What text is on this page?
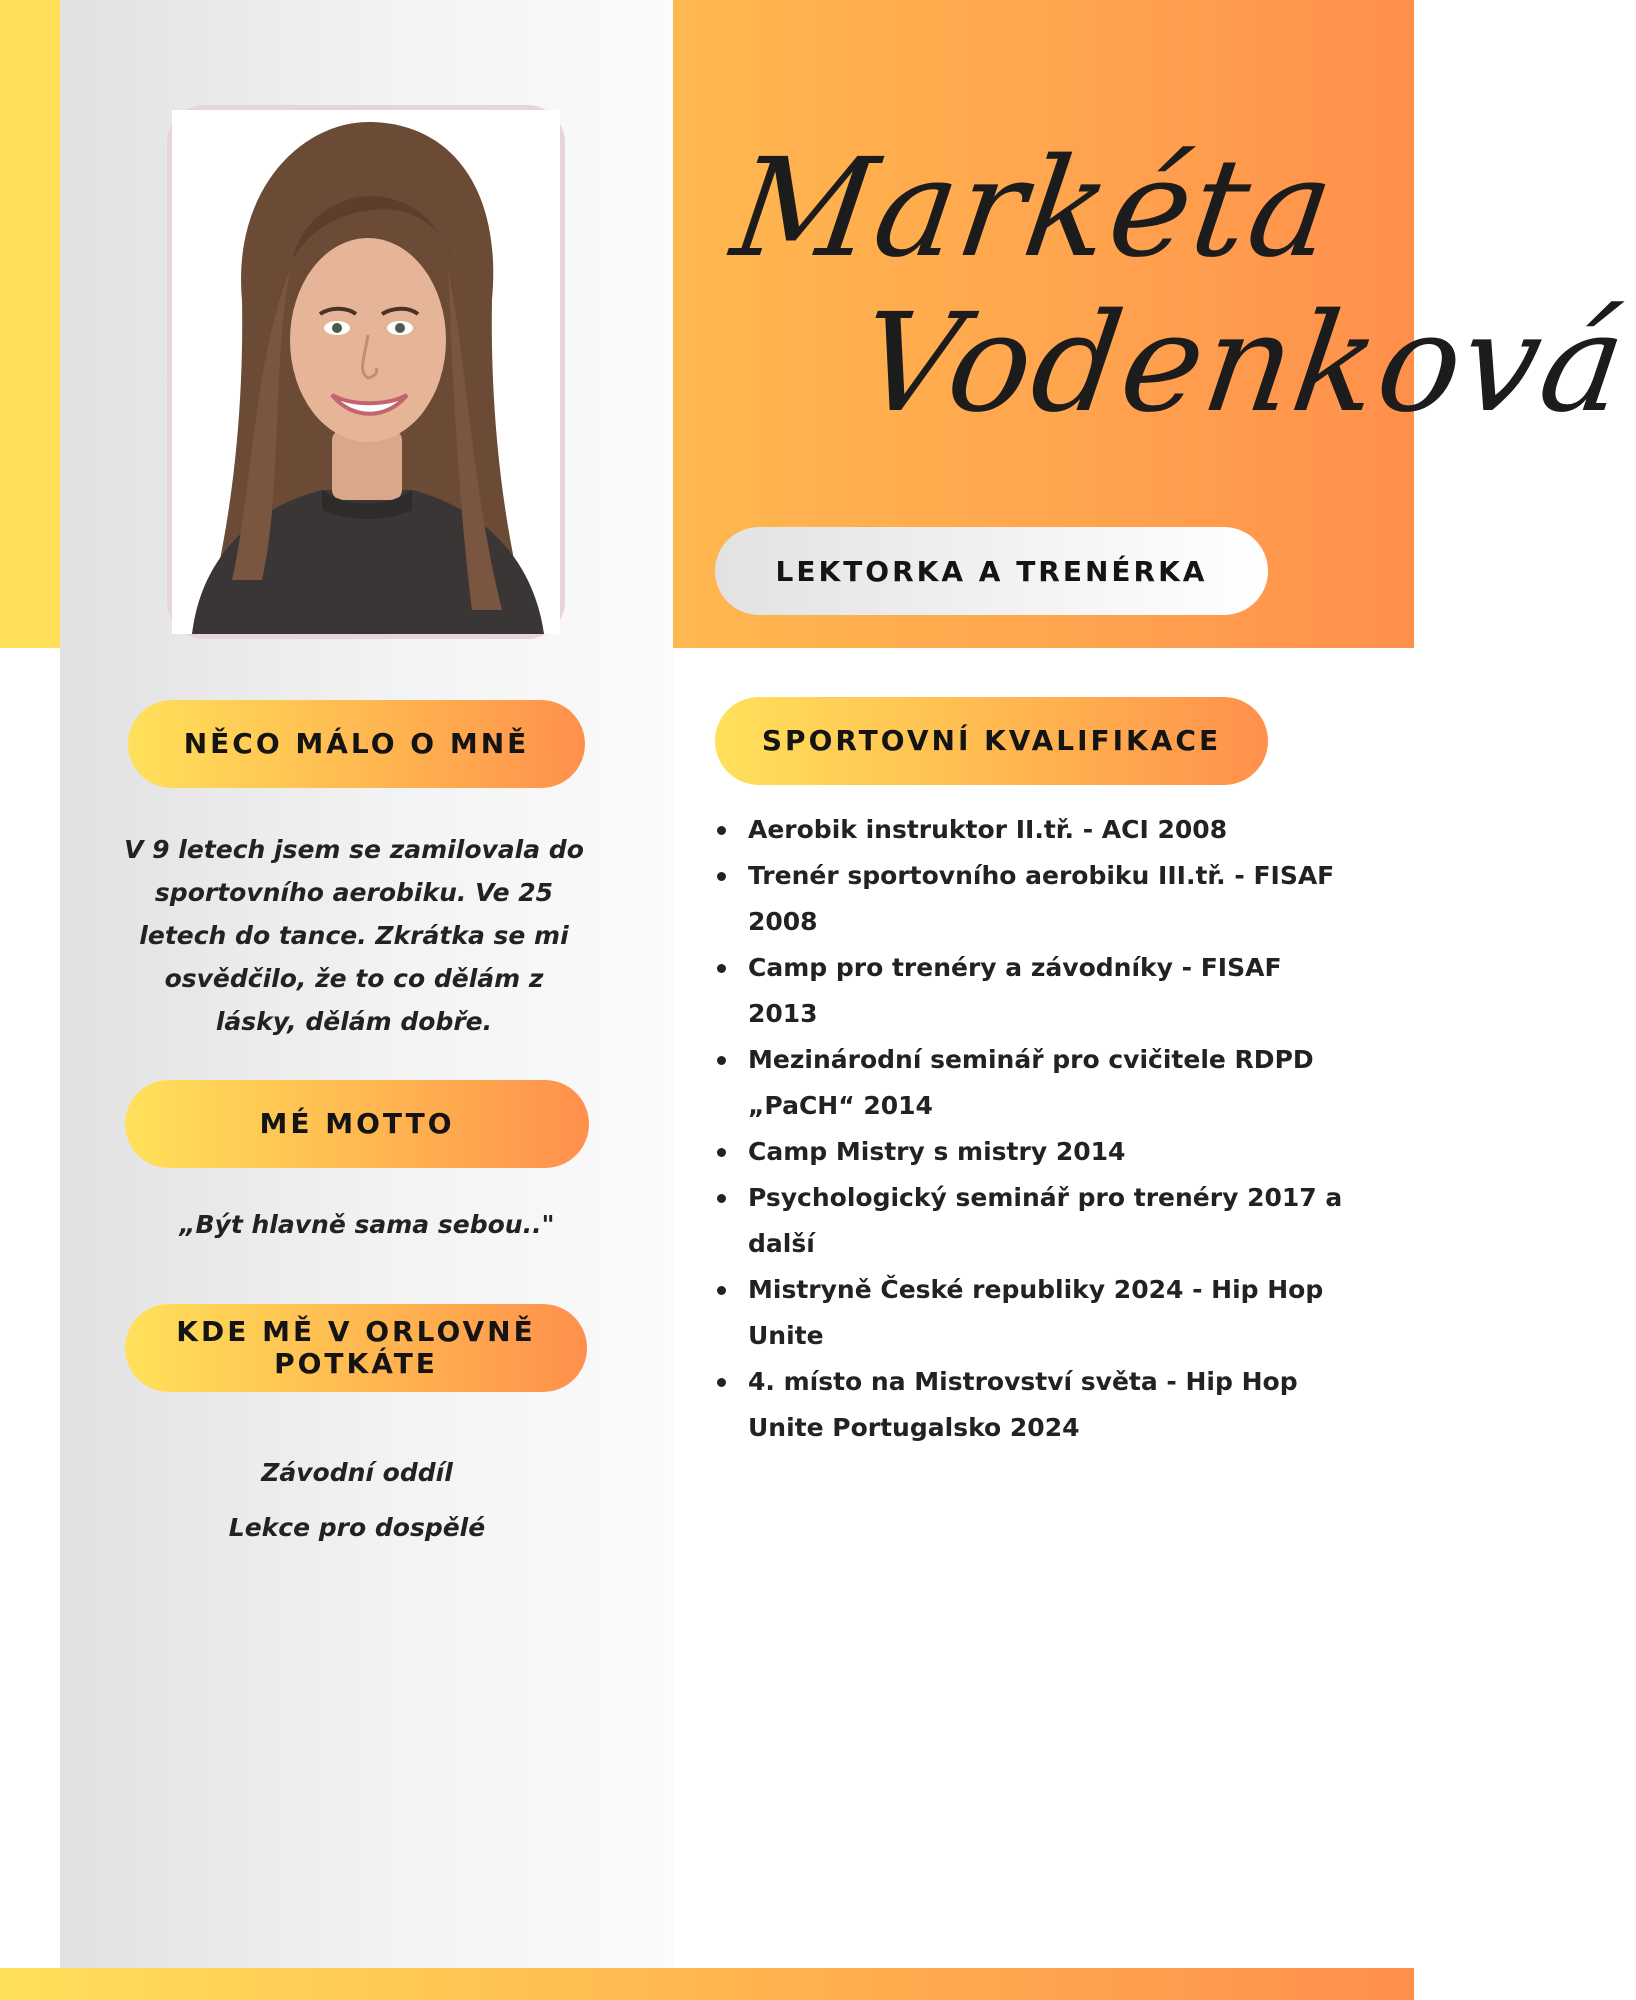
Markéta
Vodenková
LEKTORKA A TRENÉRKA
NĚCO MÁLO O MNĚ
V 9 letech jsem se zamilovala do sportovního aerobiku. Ve 25 letech do tance. Zkrátka se mi osvědčilo, že to co dělám z lásky, dělám dobře.
MÉ MOTTO
„Být hlavně sama sebou.."
KDE MĚ V ORLOVNĚ POTKÁTE
Závodní oddíl
Lekce pro dospělé
SPORTOVNÍ KVALIFIKACE
Aerobik instruktor II.tř. - ACI 2008
Trenér sportovního aerobiku III.tř. - FISAF 2008
Camp pro trenéry a závodníky - FISAF 2013
Mezinárodní seminář pro cvičitele RDPD „PaCH“ 2014
Camp Mistry s mistry 2014
Psychologický seminář pro trenéry 2017 a další
Mistryně České republiky 2024 - Hip Hop Unite
4. místo na Mistrovství světa - Hip Hop Unite Portugalsko 2024
